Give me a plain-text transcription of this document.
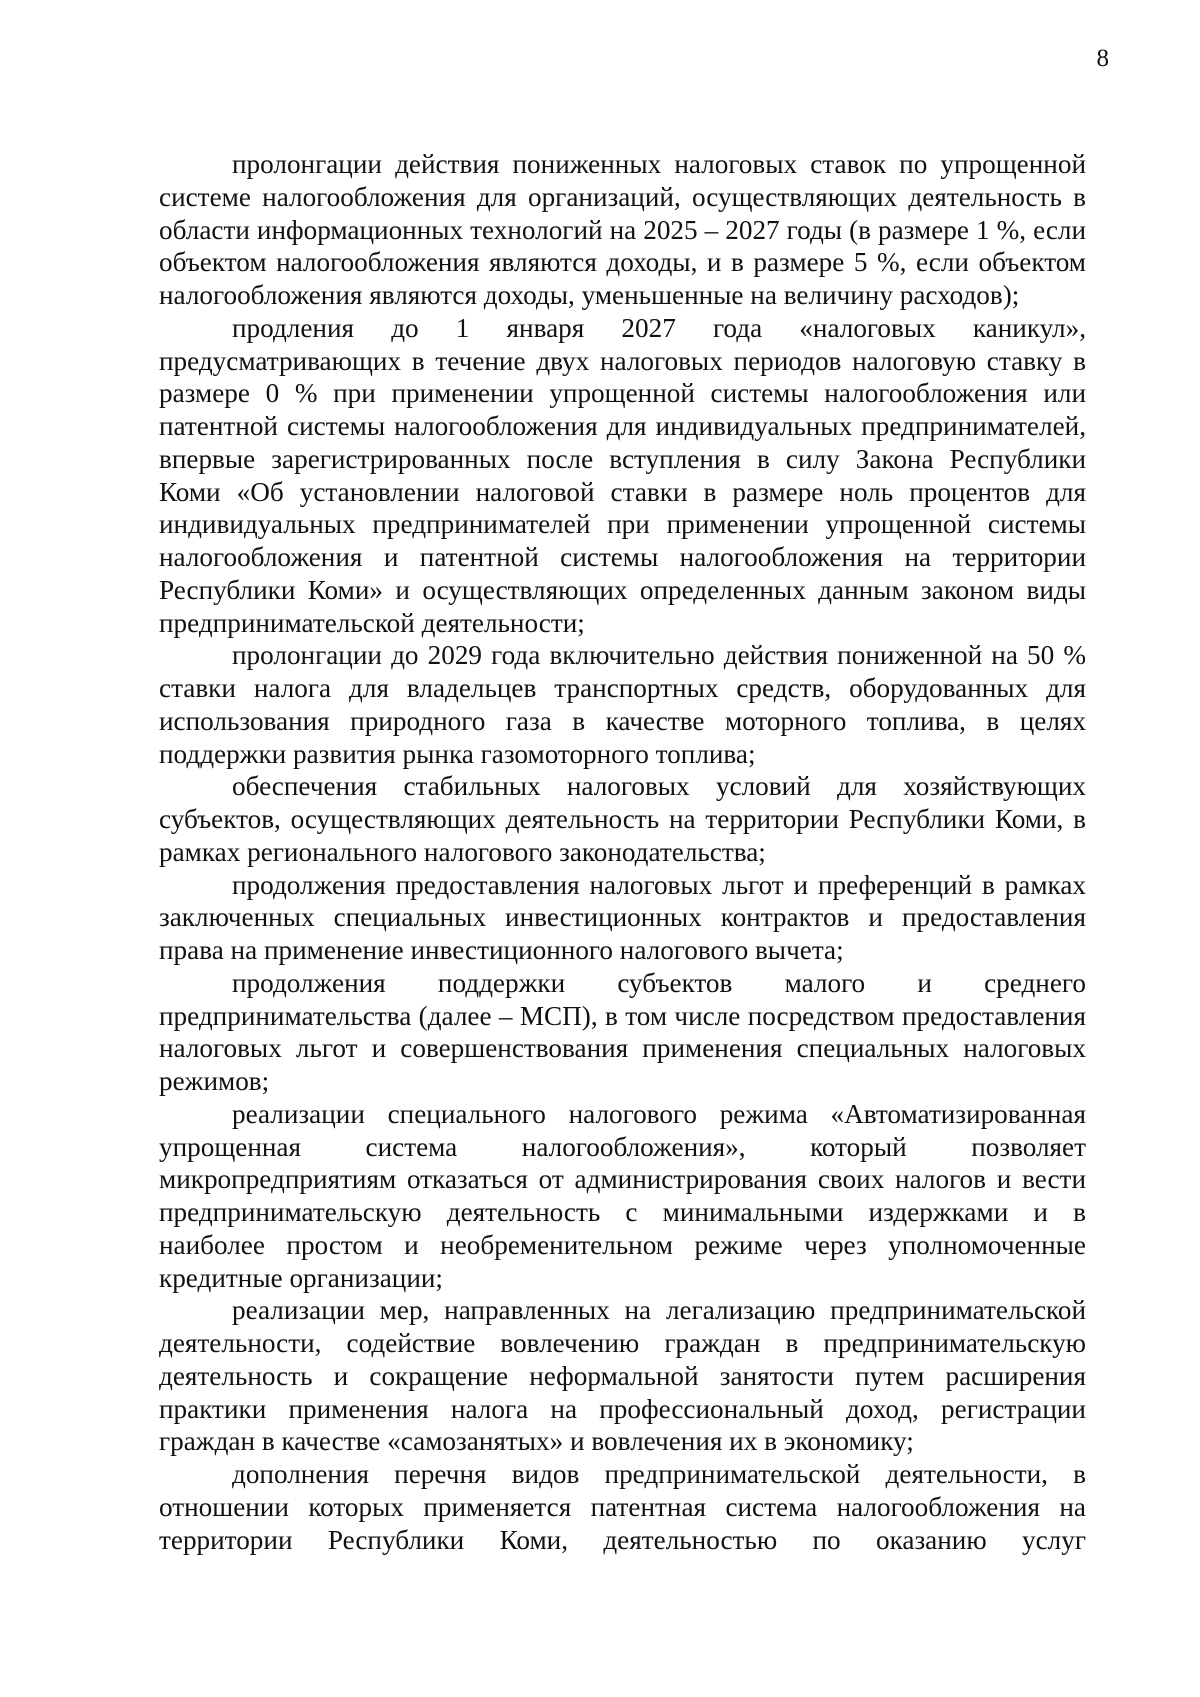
8

пролонгации действия пониженных налоговых ставок по упрощенной системе налогообложения для организаций, осуществляющих деятельность в области информационных технологий на 2025 – 2027 годы (в размере 1 %, если объектом налогообложения являются доходы, и в размере 5 %, если объектом налогообложения являются доходы, уменьшенные на величину расходов);

продления до 1 января 2027 года «налоговых каникул», предусматривающих в течение двух налоговых периодов налоговую ставку в размере 0 % при применении упрощенной системы налогообложения или патентной системы налогообложения для индивидуальных предпринимателей, впервые зарегистрированных после вступления в силу Закона Республики Коми «Об установлении налоговой ставки в размере ноль процентов для индивидуальных предпринимателей при применении упрощенной системы налогообложения и патентной системы налогообложения на территории Республики Коми» и осуществляющих определенных данным законом виды предпринимательской деятельности;

пролонгации до 2029 года включительно действия пониженной на 50 % ставки налога для владельцев транспортных средств, оборудованных для использования природного газа в качестве моторного топлива, в целях поддержки развития рынка газомоторного топлива;

обеспечения стабильных налоговых условий для хозяйствующих субъектов, осуществляющих деятельность на территории Республики Коми, в рамках регионального налогового законодательства;

продолжения предоставления налоговых льгот и преференций в рамках заключенных специальных инвестиционных контрактов и предоставления права на применение инвестиционного налогового вычета;

продолжения поддержки субъектов малого и среднего предпринимательства (далее – МСП), в том числе посредством предоставления налоговых льгот и совершенствования применения специальных налоговых режимов;

реализации специального налогового режима «Автоматизированная упрощенная система налогообложения», который позволяет микропредприятиям отказаться от администрирования своих налогов и вести предпринимательскую деятельность с минимальными издержками и в наиболее простом и необременительном режиме через уполномоченные кредитные организации;

реализации мер, направленных на легализацию предпринимательской деятельности, содействие вовлечению граждан в предпринимательскую деятельность и сокращение неформальной занятости путем расширения практики применения налога на профессиональный доход, регистрации граждан в качестве «самозанятых» и вовлечения их в экономику;

дополнения перечня видов предпринимательской деятельности, в отношении которых применяется патентная система налогообложения на территории Республики Коми, деятельностью по оказанию услуг
